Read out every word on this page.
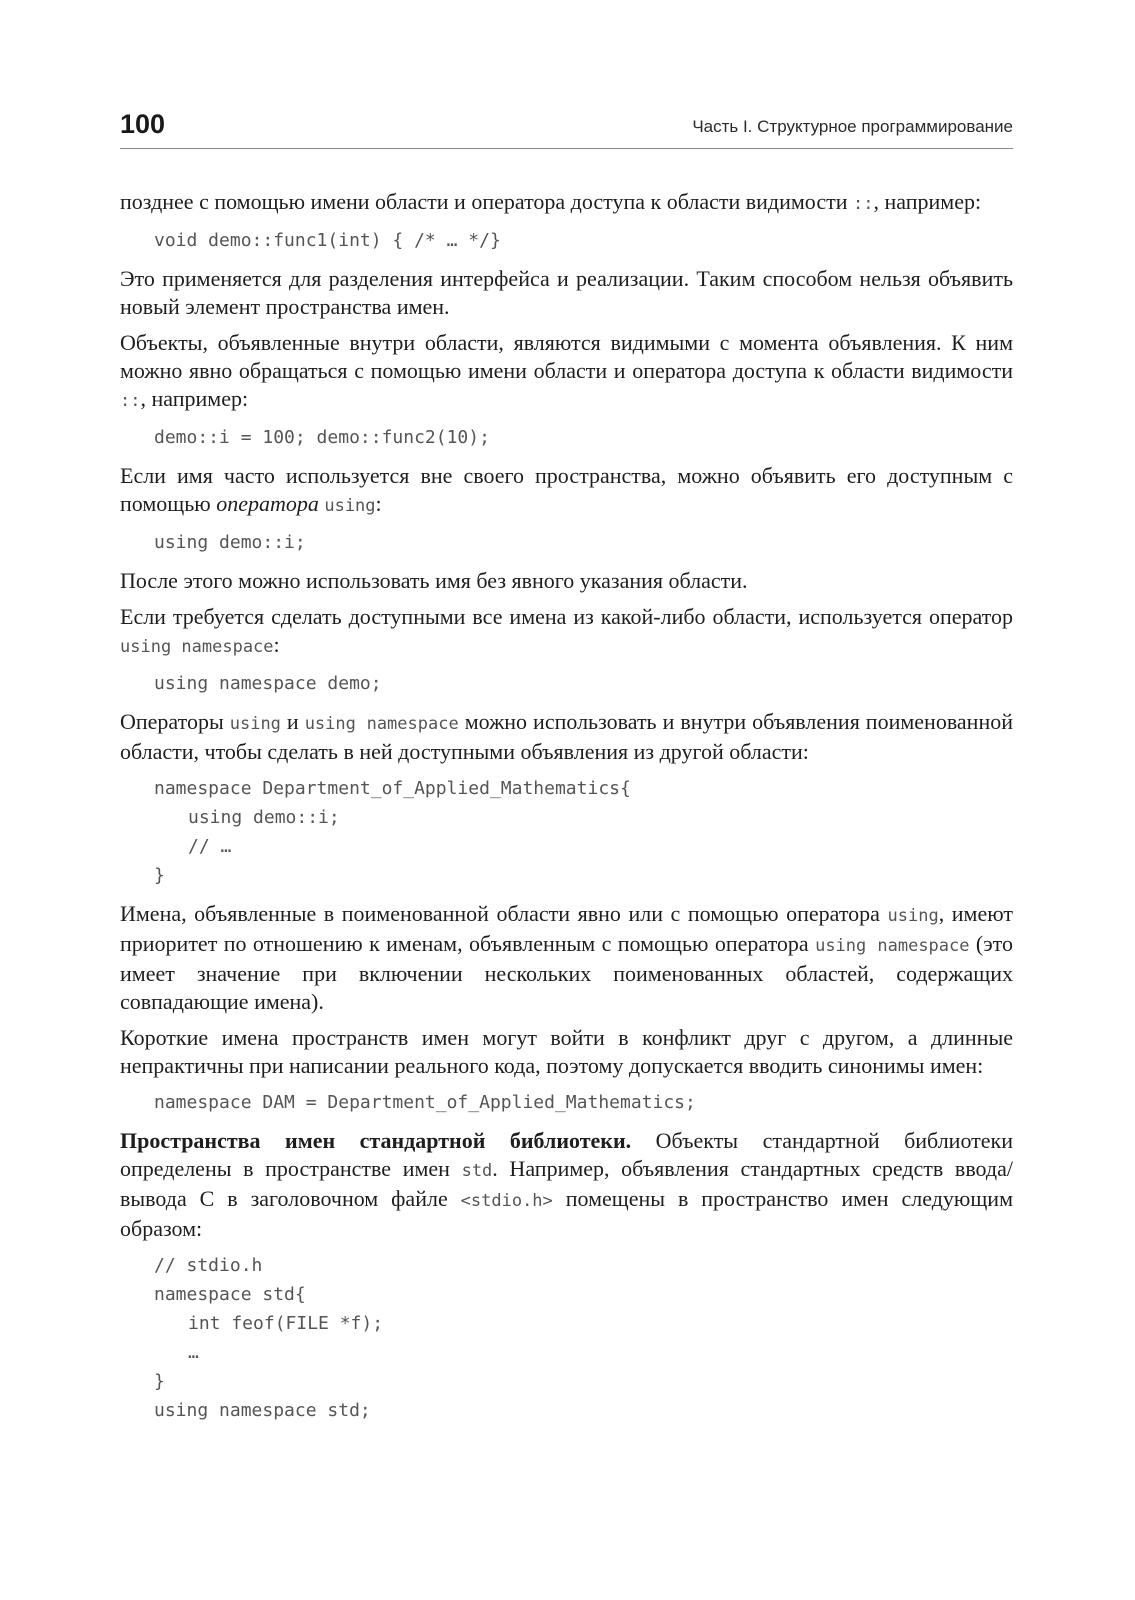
100	Часть I. Структурное программирование

позднее с помощью имени области и оператора доступа к области видимости ::, например:

void demo::func1(int) { /* … */}

Это применяется для разделения интерфейса и реализации. Таким способом нельзя объявить новый элемент пространства имен.

Объекты, объявленные внутри области, являются видимыми с момента объявления. К ним можно явно обращаться с помощью имени области и оператора доступа к области видимости ::, например:

demo::i = 100; demo::func2(10);

Если имя часто используется вне своего пространства, можно объявить его доступным с помощью оператора using:

using demo::i;

После этого можно использовать имя без явного указания области.

Если требуется сделать доступными все имена из какой-либо области, используется оператор using namespace:

using namespace demo;

Операторы using и using namespace можно использовать и внутри объявления поименованной области, чтобы сделать в ней доступными объявления из другой области:

namespace Department_of_Applied_Mathematics{
using demo::i;
// …
}

Имена, объявленные в поименованной области явно или с помощью оператора using, имеют приоритет по отношению к именам, объявленным с помощью оператора using namespace (это имеет значение при включении нескольких поименованных областей, содержащих совпадающие имена).

Короткие имена пространств имен могут войти в конфликт друг с другом, а длинные непрактичны при написании реального кода, поэтому допускается вводить синонимы имен:

namespace DAM = Department_of_Applied_Mathematics;

Пространства имен стандартной библиотеки. Объекты стандартной библиотеки определены в пространстве имен std. Например, объявления стандартных средств ввода/вывода С в заголовочном файле <stdio.h> помещены в пространство имен следующим образом:

// stdio.h
namespace std{
int feof(FILE *f);
…
}
using namespace std;
